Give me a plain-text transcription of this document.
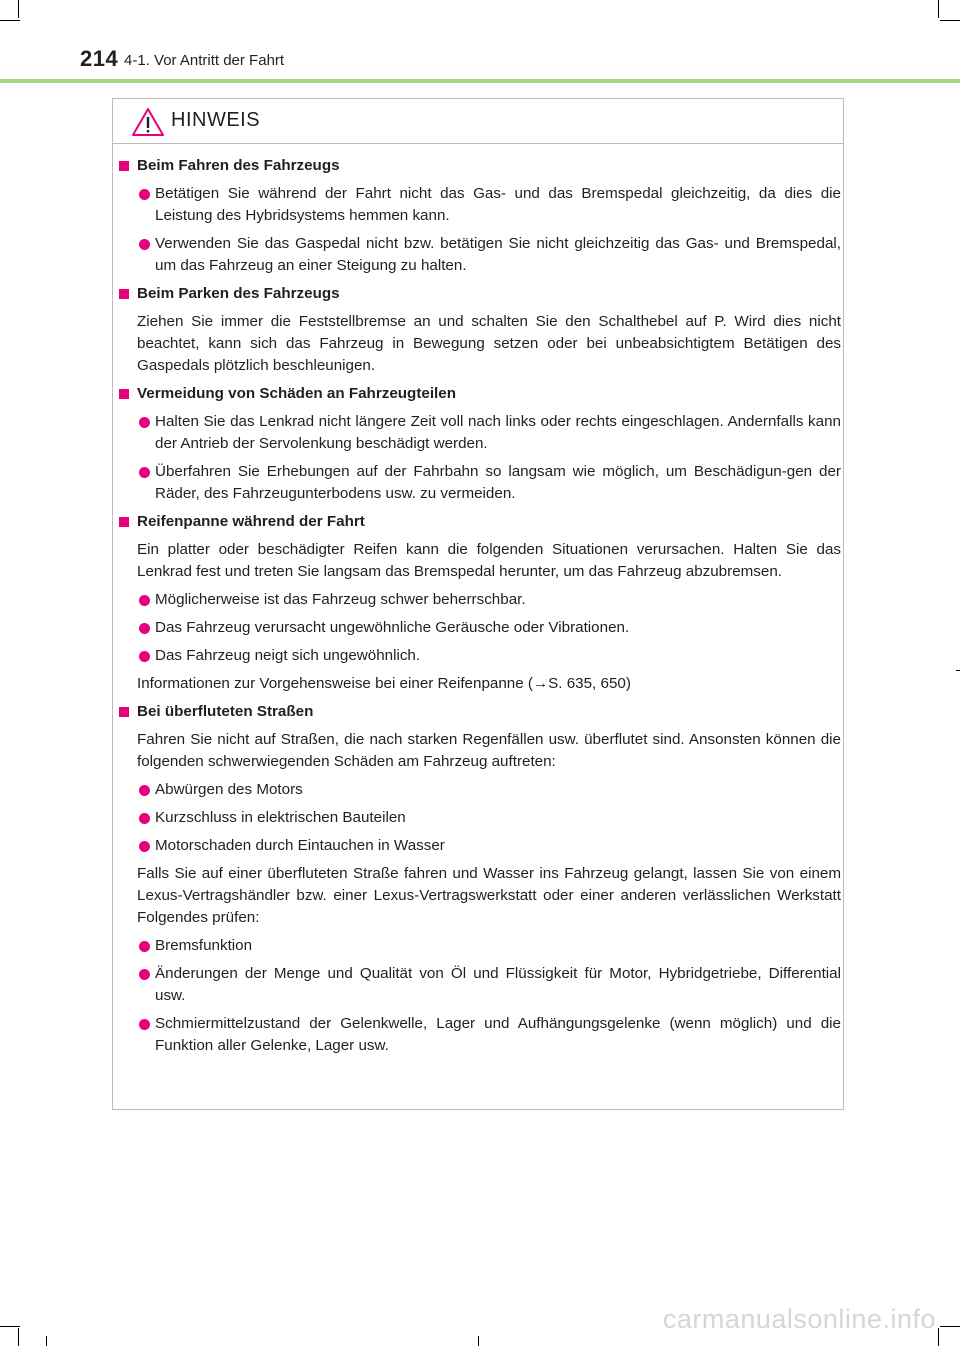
214 4-1. Vor Antritt der Fahrt
HINWEIS
Beim Fahren des Fahrzeugs
Betätigen Sie während der Fahrt nicht das Gas- und das Bremspedal gleichzeitig, da dies die Leistung des Hybridsystems hemmen kann.
Verwenden Sie das Gaspedal nicht bzw. betätigen Sie nicht gleichzeitig das Gas- und Bremspedal, um das Fahrzeug an einer Steigung zu halten.
Beim Parken des Fahrzeugs
Ziehen Sie immer die Feststellbremse an und schalten Sie den Schalthebel auf P. Wird dies nicht beachtet, kann sich das Fahrzeug in Bewegung setzen oder bei unbeabsichtigtem Betätigen des Gaspedals plötzlich beschleunigen.
Vermeidung von Schäden an Fahrzeugteilen
Halten Sie das Lenkrad nicht längere Zeit voll nach links oder rechts eingeschlagen. Andernfalls kann der Antrieb der Servolenkung beschädigt werden.
Überfahren Sie Erhebungen auf der Fahrbahn so langsam wie möglich, um Beschädigun-gen der Räder, des Fahrzeugunterbodens usw. zu vermeiden.
Reifenpanne während der Fahrt
Ein platter oder beschädigter Reifen kann die folgenden Situationen verursachen. Halten Sie das Lenkrad fest und treten Sie langsam das Bremspedal herunter, um das Fahrzeug abzubremsen.
Möglicherweise ist das Fahrzeug schwer beherrschbar.
Das Fahrzeug verursacht ungewöhnliche Geräusche oder Vibrationen.
Das Fahrzeug neigt sich ungewöhnlich.
Informationen zur Vorgehensweise bei einer Reifenpanne (→S. 635, 650)
Bei überfluteten Straßen
Fahren Sie nicht auf Straßen, die nach starken Regenfällen usw. überflutet sind. Ansonsten können die folgenden schwerwiegenden Schäden am Fahrzeug auftreten:
Abwürgen des Motors
Kurzschluss in elektrischen Bauteilen
Motorschaden durch Eintauchen in Wasser
Falls Sie auf einer überfluteten Straße fahren und Wasser ins Fahrzeug gelangt, lassen Sie von einem Lexus-Vertragshändler bzw. einer Lexus-Vertragswerkstatt oder einer anderen verlässlichen Werkstatt Folgendes prüfen:
Bremsfunktion
Änderungen der Menge und Qualität von Öl und Flüssigkeit für Motor, Hybridgetriebe, Differential usw.
Schmiermittelzustand der Gelenkwelle, Lager und Aufhängungsgelenke (wenn möglich) und die Funktion aller Gelenke, Lager usw.
carmanualsonline.info
